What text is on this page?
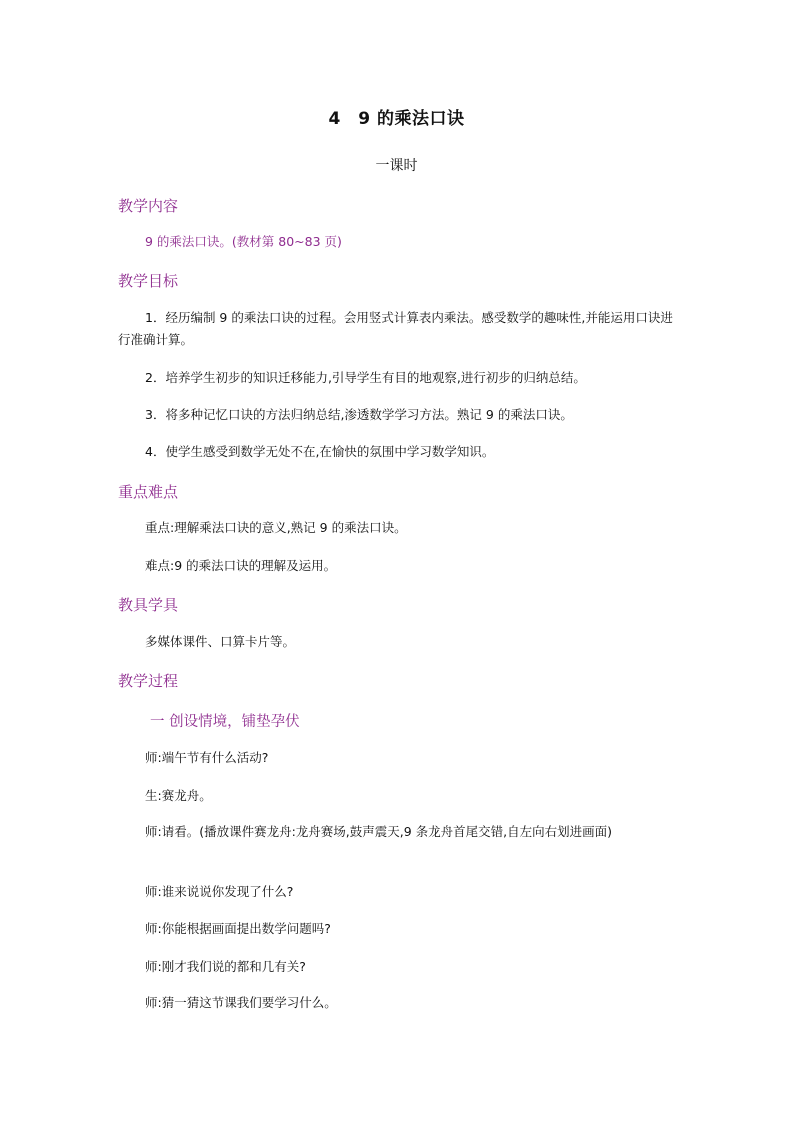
4　9 的乘法口诀
一课时
教学内容
9 的乘法口诀。(教材第 80~83 页)
教学目标
1．经历编制 9 的乘法口诀的过程。会用竖式计算表内乘法。感受数学的趣味性,并能运用口诀进行准确计算。
2．培养学生初步的知识迁移能力,引导学生有目的地观察,进行初步的归纳总结。
3．将多种记忆口诀的方法归纳总结,渗透数学学习方法。熟记 9 的乘法口诀。
4．使学生感受到数学无处不在,在愉快的氛围中学习数学知识。
重点难点
重点:理解乘法口诀的意义,熟记 9 的乘法口诀。
难点:9 的乘法口诀的理解及运用。
教具学具
多媒体课件、口算卡片等。
教学过程
一 创设情境，铺垫孕伏
师:端午节有什么活动?
生:赛龙舟。
师:请看。(播放课件赛龙舟:龙舟赛场,鼓声震天,9 条龙舟首尾交错,自左向右划进画面)
师:谁来说说你发现了什么?
师:你能根据画面提出数学问题吗?
师:刚才我们说的都和几有关?
师:猜一猜这节课我们要学习什么。
